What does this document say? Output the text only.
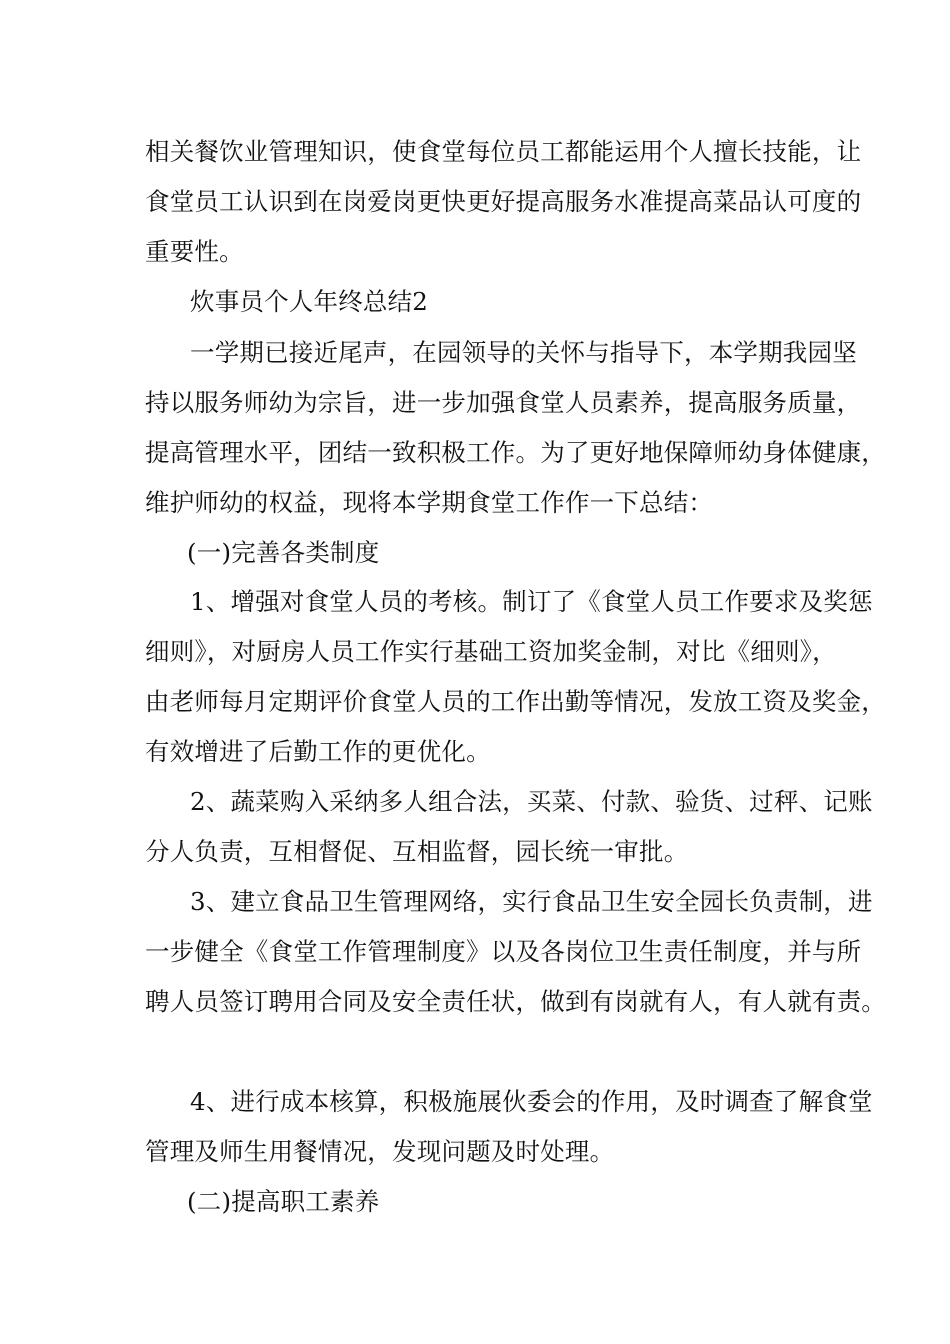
相关餐饮业管理知识，使食堂每位员工都能运用个人擅长技能，让
食堂员工认识到在岗爱岗更快更好提高服务水准提高菜品认可度的
重要性。
炊事员个人年终总结2
一学期已接近尾声，在园领导的关怀与指导下，本学期我园坚
持以服务师幼为宗旨，进一步加强食堂人员素养，提高服务质量，
提高管理水平，团结一致积极工作。为了更好地保障师幼身体健康，
维护师幼的权益，现将本学期食堂工作作一下总结：
(一)完善各类制度
1、增强对食堂人员的考核。制订了《食堂人员工作要求及奖惩
细则》，对厨房人员工作实行基础工资加奖金制，对比《细则》，
由老师每月定期评价食堂人员的工作出勤等情况，发放工资及奖金，
有效增进了后勤工作的更优化。
2、蔬菜购入采纳多人组合法，买菜、付款、验货、过秤、记账
分人负责，互相督促、互相监督，园长统一审批。
3、建立食品卫生管理网络，实行食品卫生安全园长负责制，进
一步健全《食堂工作管理制度》以及各岗位卫生责任制度，并与所
聘人员签订聘用合同及安全责任状，做到有岗就有人，有人就有责。
4、进行成本核算，积极施展伙委会的作用，及时调查了解食堂
管理及师生用餐情况，发现问题及时处理。
(二)提高职工素养
